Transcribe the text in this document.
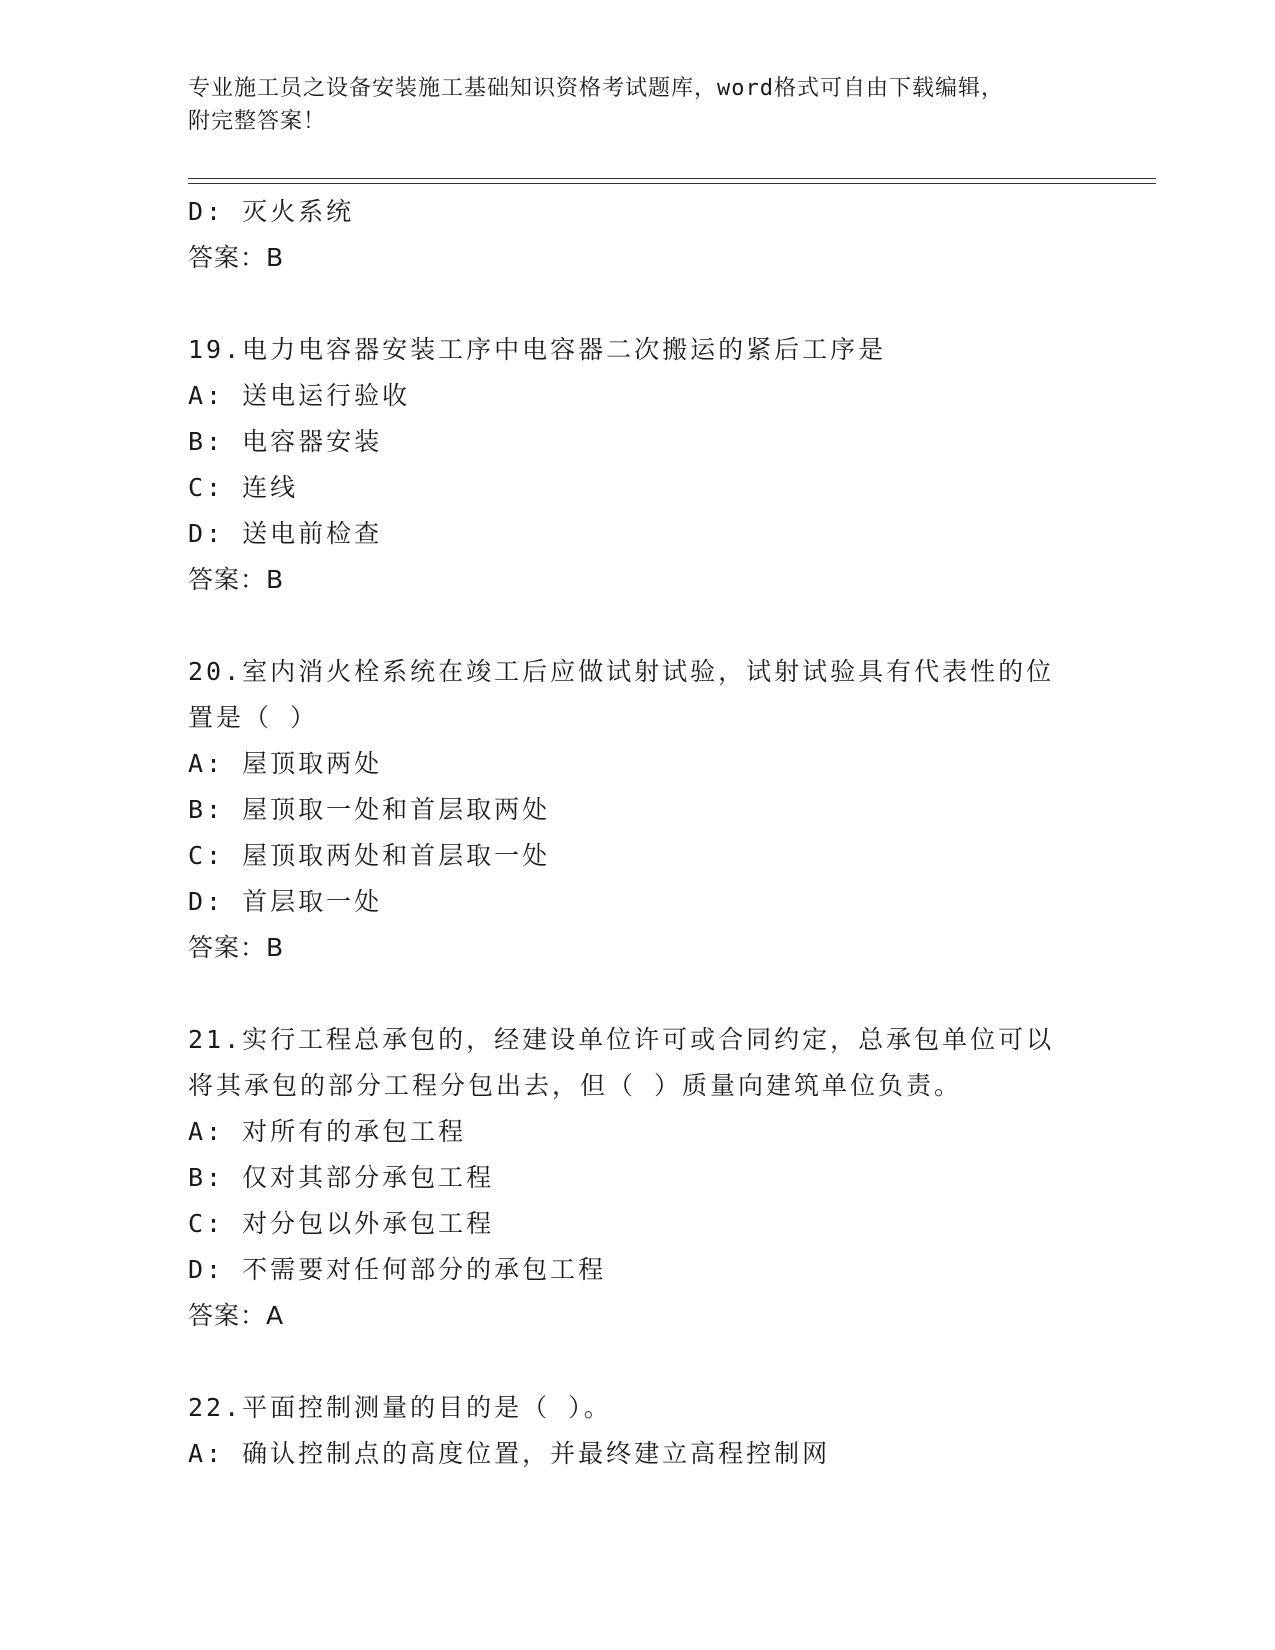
专业施工员之设备安装施工基础知识资格考试题库，word格式可自由下载编辑，
附完整答案！
D: 灭火系统
答案：B
19.电力电容器安装工序中电容器二次搬运的紧后工序是
A: 送电运行验收
B: 电容器安装
C: 连线
D: 送电前检查
答案：B
20.室内消火栓系统在竣工后应做试射试验，试射试验具有代表性的位
置是（ ）
A: 屋顶取两处
B: 屋顶取一处和首层取两处
C: 屋顶取两处和首层取一处
D: 首层取一处
答案：B
21.实行工程总承包的，经建设单位许可或合同约定，总承包单位可以
将其承包的部分工程分包出去，但（ ）质量向建筑单位负责。
A: 对所有的承包工程
B: 仅对其部分承包工程
C: 对分包以外承包工程
D: 不需要对任何部分的承包工程
答案：A
22.平面控制测量的目的是（ ）。
A: 确认控制点的高度位置，并最终建立高程控制网
